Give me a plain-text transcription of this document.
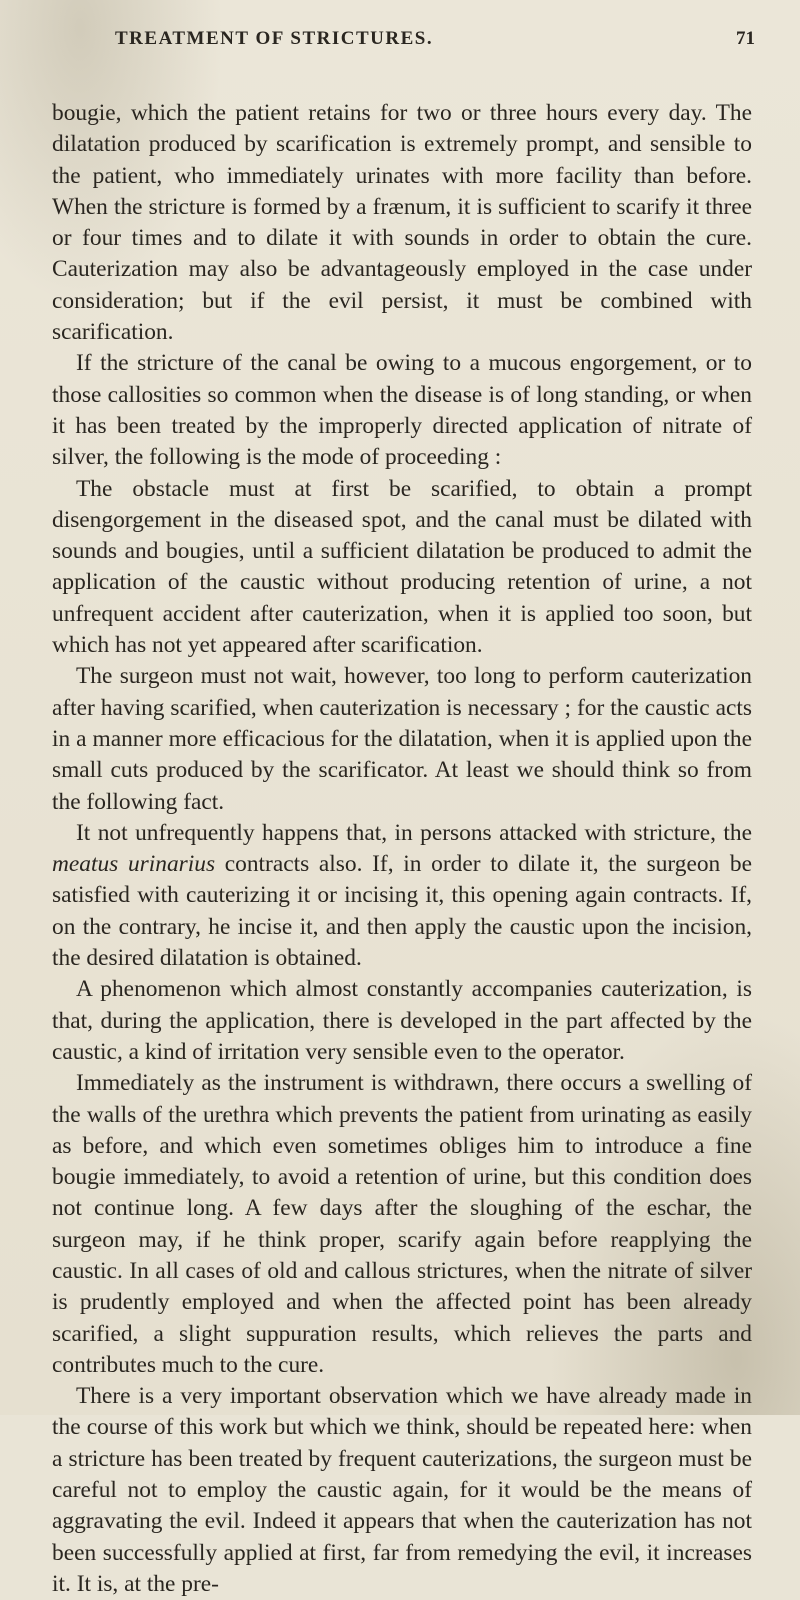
TREATMENT OF STRICTURES.	71

bougie, which the patient retains for two or three hours every day. The dilatation produced by scarification is extremely prompt, and sensible to the patient, who immediately urinates with more facility than before. When the stricture is formed by a frænum, it is sufficient to scarify it three or four times and to dilate it with sounds in order to obtain the cure. Cauterization may also be advantageously employed in the case under consideration; but if the evil persist, it must be combined with scarification.

If the stricture of the canal be owing to a mucous engorgement, or to those callosities so common when the disease is of long standing, or when it has been treated by the improperly directed application of nitrate of silver, the following is the mode of proceeding :

The obstacle must at first be scarified, to obtain a prompt disengorgement in the diseased spot, and the canal must be dilated with sounds and bougies, until a sufficient dilatation be produced to admit the application of the caustic without producing retention of urine, a not unfrequent accident after cauterization, when it is applied too soon, but which has not yet appeared after scarification.

The surgeon must not wait, however, too long to perform cauterization after having scarified, when cauterization is necessary ; for the caustic acts in a manner more efficacious for the dilatation, when it is applied upon the small cuts produced by the scarificator. At least we should think so from the following fact.

It not unfrequently happens that, in persons attacked with stricture, the meatus urinarius contracts also. If, in order to dilate it, the surgeon be satisfied with cauterizing it or incising it, this opening again contracts. If, on the contrary, he incise it, and then apply the caustic upon the incision, the desired dilatation is obtained.

A phenomenon which almost constantly accompanies cauterization, is that, during the application, there is developed in the part affected by the caustic, a kind of irritation very sensible even to the operator.

Immediately as the instrument is withdrawn, there occurs a swelling of the walls of the urethra which prevents the patient from urinating as easily as before, and which even sometimes obliges him to introduce a fine bougie immediately, to avoid a retention of urine, but this condition does not continue long. A few days after the sloughing of the eschar, the surgeon may, if he think proper, scarify again before reapplying the caustic. In all cases of old and callous strictures, when the nitrate of silver is prudently employed and when the affected point has been already scarified, a slight suppuration results, which relieves the parts and contributes much to the cure.

There is a very important observation which we have already made in the course of this work but which we think, should be repeated here: when a stricture has been treated by frequent cauterizations, the surgeon must be careful not to employ the caustic again, for it would be the means of aggravating the evil. Indeed it appears that when the cauterization has not been successfully applied at first, far from remedying the evil, it increases it. It is, at the pre-
